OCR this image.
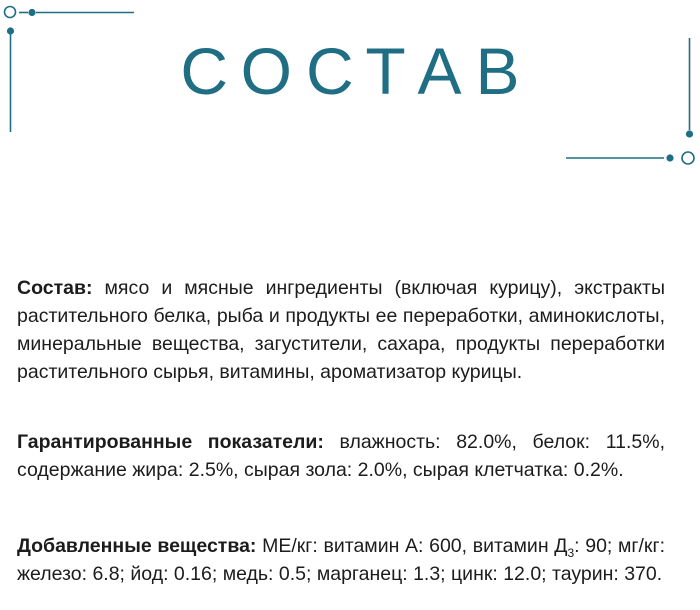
СОСТАВ
Состав: мясо и мясные ингредиенты (включая курицу), экстракты растительного белка, рыба и продукты ее переработки, аминокислоты, минеральные вещества, загустители, сахара, продукты переработки растительного сырья, витамины, ароматизатор курицы.
Гарантированные показатели: влажность: 82.0%, белок: 11.5%, содержание жира: 2.5%, сырая зола: 2.0%, сырая клетчатка: 0.2%.
Добавленные вещества: МЕ/кг: витамин А: 600, витамин $Д_3$: 90; мг/кг: железо: 6.8; йод: 0.16; медь: 0.5; марганец: 1.3; цинк: 12.0; таурин: 370.
